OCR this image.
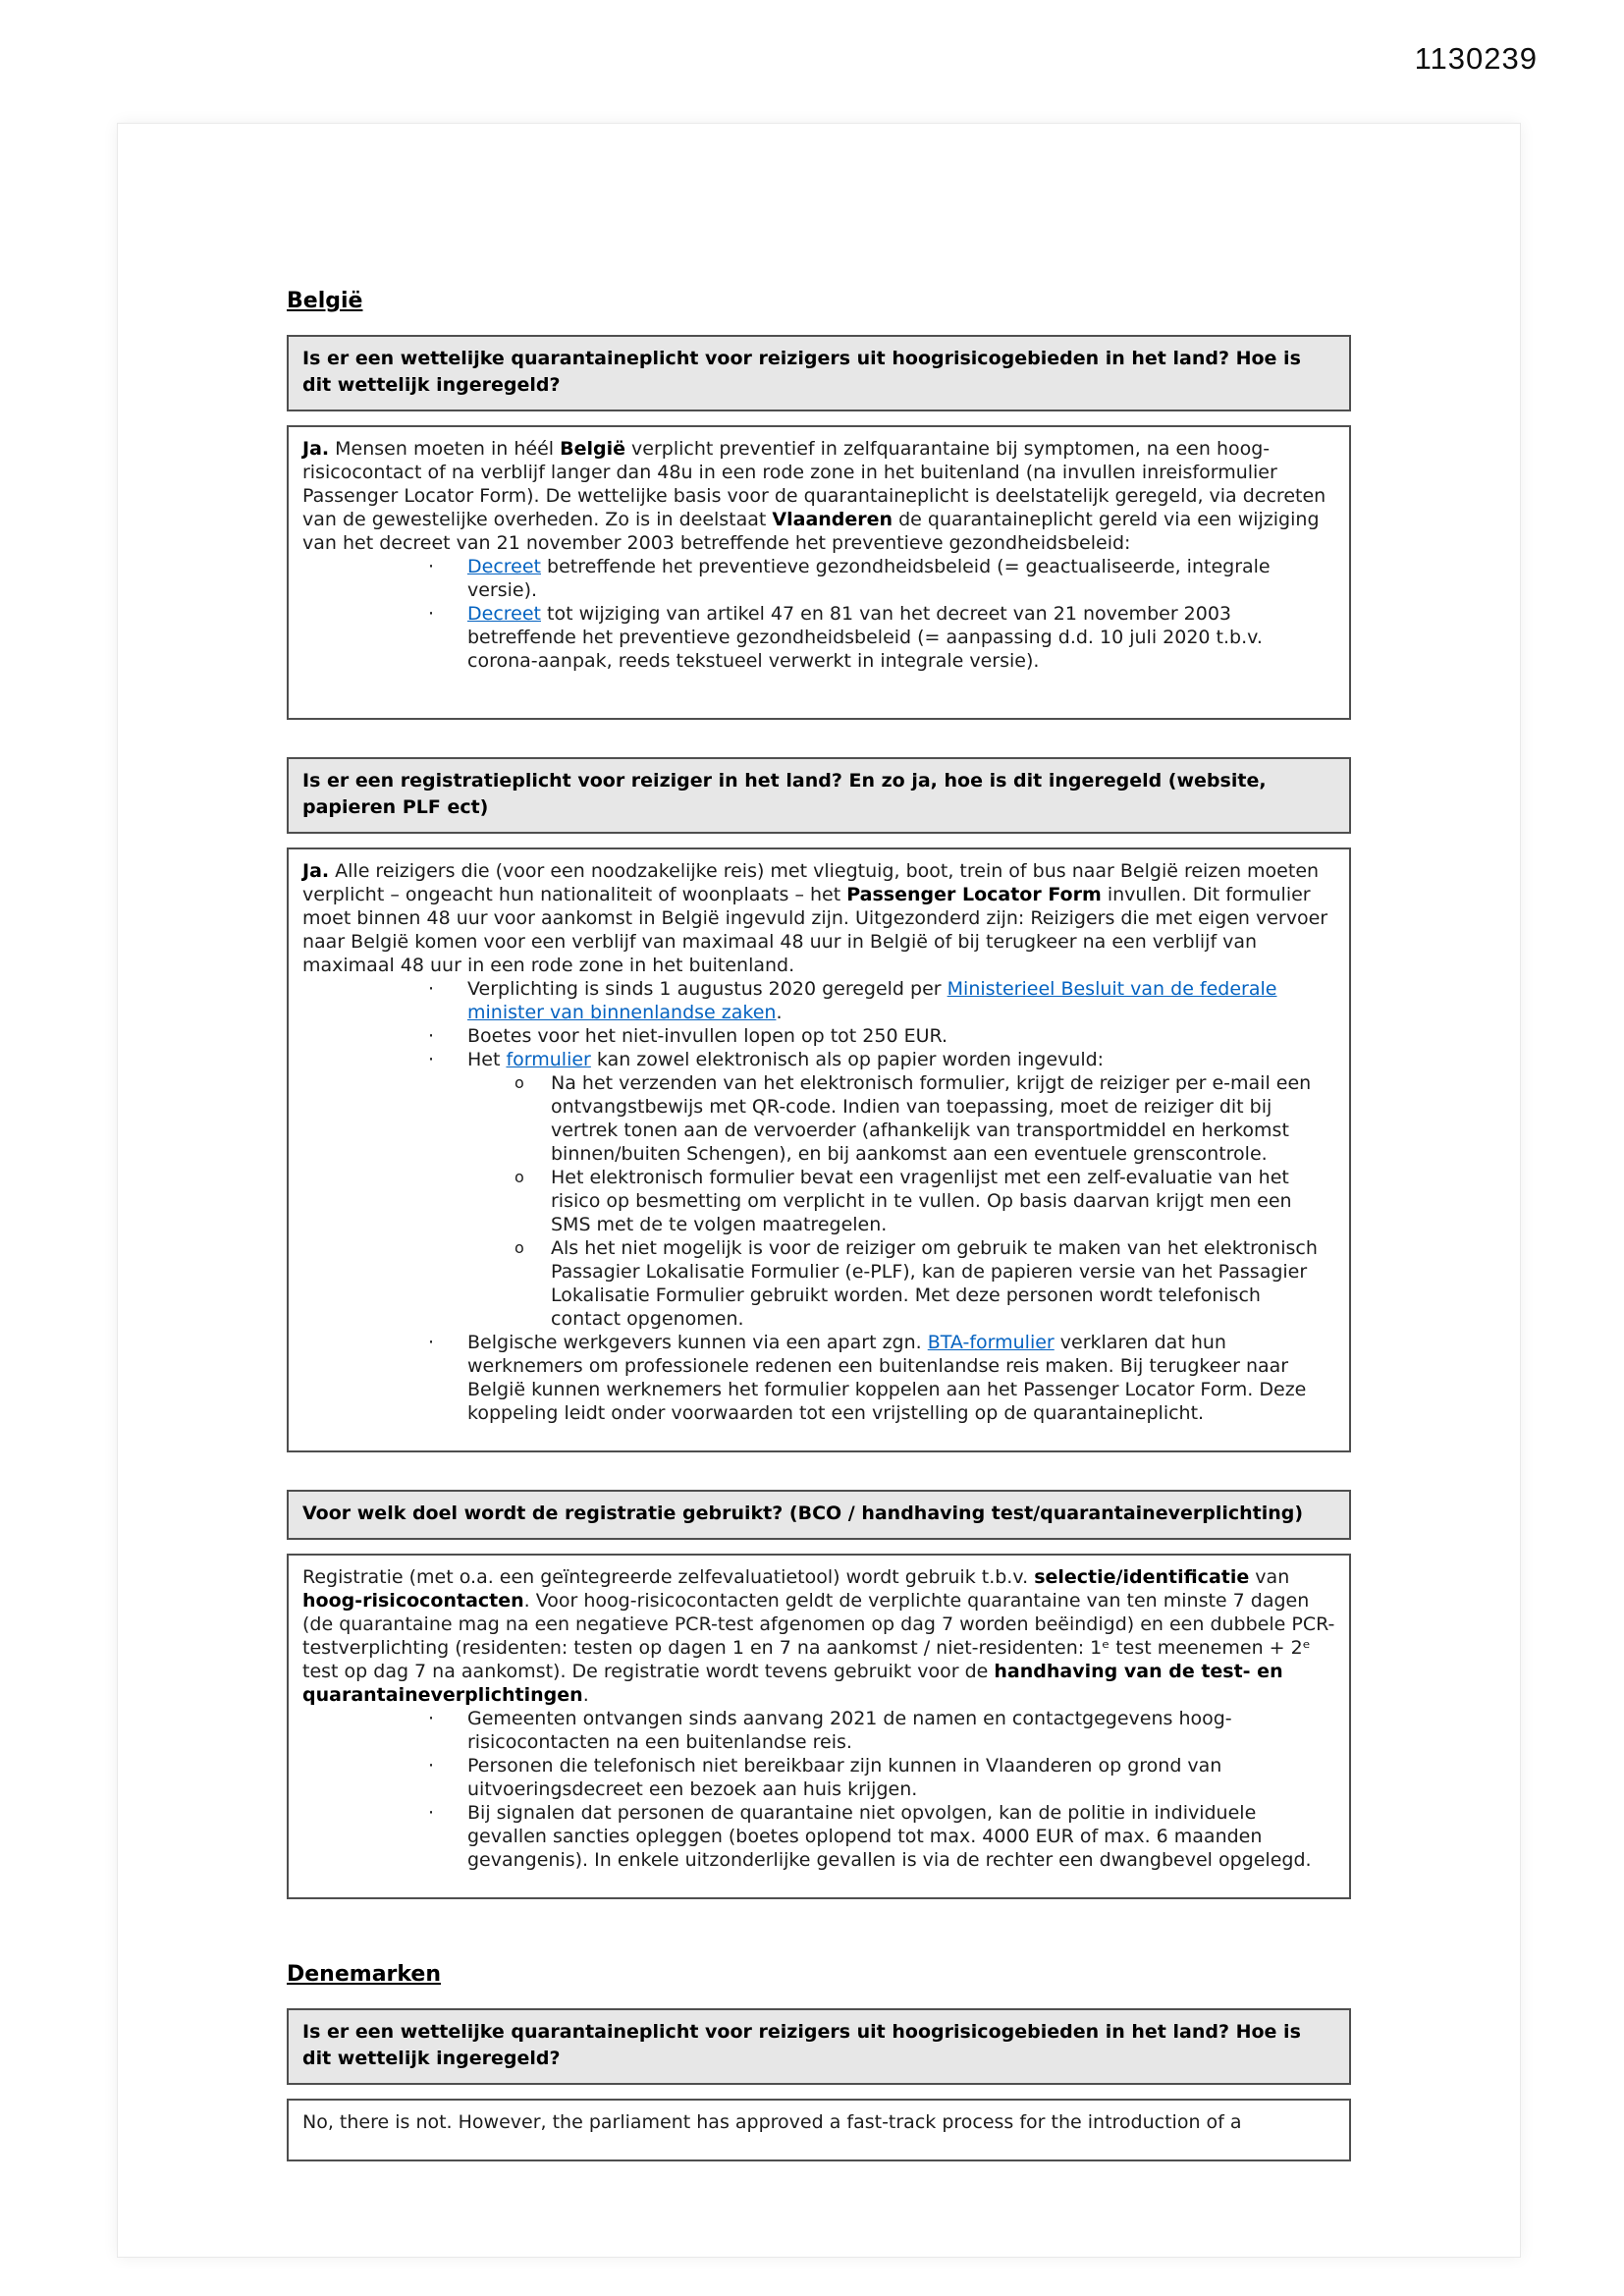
1130239
België
Is er een wettelijke quarantaineplicht voor reizigers uit hoogrisicogebieden in het land? Hoe is dit wettelijk ingeregeld?
Ja. Mensen moeten in héél België verplicht preventief in zelfquarantaine bij symptomen, na een hoog-risicocontact of na verblijf langer dan 48u in een rode zone in het buitenland (na invullen inreisformulier Passenger Locator Form). De wettelijke basis voor de quarantaineplicht is deelstatelijk geregeld, via decreten van de gewestelijke overheden. Zo is in deelstaat Vlaanderen de quarantaineplicht gereld via een wijziging van het decreet van 21 november 2003 betreffende het preventieve gezondheidsbeleid:
·	Decreet betreffende het preventieve gezondheidsbeleid (= geactualiseerde, integrale versie).
·	Decreet tot wijziging van artikel 47 en 81 van het decreet van 21 november 2003 betreffende het preventieve gezondheidsbeleid (= aanpassing d.d. 10 juli 2020 t.b.v. corona-aanpak, reeds tekstueel verwerkt in integrale versie).
Is er een registratieplicht voor reiziger in het land? En zo ja, hoe is dit ingeregeld (website, papieren PLF ect)
Ja. Alle reizigers die (voor een noodzakelijke reis) met vliegtuig, boot, trein of bus naar België reizen moeten verplicht – ongeacht hun nationaliteit of woonplaats – het Passenger Locator Form invullen. Dit formulier moet binnen 48 uur voor aankomst in België ingevuld zijn. Uitgezonderd zijn: Reizigers die met eigen vervoer naar België komen voor een verblijf van maximaal 48 uur in België of bij terugkeer na een verblijf van maximaal 48 uur in een rode zone in het buitenland.
·	Verplichting is sinds 1 augustus 2020 geregeld per Ministerieel Besluit van de federale minister van binnenlandse zaken.
·	Boetes voor het niet-invullen lopen op tot 250 EUR.
·	Het formulier kan zowel elektronisch als op papier worden ingevuld:
o	Na het verzenden van het elektronisch formulier, krijgt de reiziger per e-mail een ontvangstbewijs met QR-code. Indien van toepassing, moet de reiziger dit bij vertrek tonen aan de vervoerder (afhankelijk van transportmiddel en herkomst binnen/buiten Schengen), en bij aankomst aan een eventuele grenscontrole.
o	Het elektronisch formulier bevat een vragenlijst met een zelf-evaluatie van het risico op besmetting om verplicht in te vullen. Op basis daarvan krijgt men een SMS met de te volgen maatregelen.
o	Als het niet mogelijk is voor de reiziger om gebruik te maken van het elektronisch Passagier Lokalisatie Formulier (e-PLF), kan de papieren versie van het Passagier Lokalisatie Formulier gebruikt worden. Met deze personen wordt telefonisch contact opgenomen.
·	Belgische werkgevers kunnen via een apart zgn. BTA-formulier verklaren dat hun werknemers om professionele redenen een buitenlandse reis maken. Bij terugkeer naar België kunnen werknemers het formulier koppelen aan het Passenger Locator Form. Deze koppeling leidt onder voorwaarden tot een vrijstelling op de quarantaineplicht.
Voor welk doel wordt de registratie gebruikt? (BCO / handhaving test/quarantaineverplichting)
Registratie (met o.a. een geïntegreerde zelfevaluatietool) wordt gebruik t.b.v. selectie/identificatie van hoog-risicocontacten. Voor hoog-risicocontacten geldt de verplichte quarantaine van ten minste 7 dagen (de quarantaine mag na een negatieve PCR-test afgenomen op dag 7 worden beëindigd) en een dubbele PCR-testverplichting (residenten: testen op dagen 1 en 7 na aankomst / niet-residenten: 1ᵉ test meenemen + 2ᵉ test op dag 7 na aankomst). De registratie wordt tevens gebruikt voor de handhaving van de test- en quarantaineverplichtingen.
·	Gemeenten ontvangen sinds aanvang 2021 de namen en contactgegevens hoog-risicocontacten na een buitenlandse reis.
·	Personen die telefonisch niet bereikbaar zijn kunnen in Vlaanderen op grond van uitvoeringsdecreet een bezoek aan huis krijgen.
·	Bij signalen dat personen de quarantaine niet opvolgen, kan de politie in individuele gevallen sancties opleggen (boetes oplopend tot max. 4000 EUR of max. 6 maanden gevangenis). In enkele uitzonderlijke gevallen is via de rechter een dwangbevel opgelegd.
Denemarken
Is er een wettelijke quarantaineplicht voor reizigers uit hoogrisicogebieden in het land? Hoe is dit wettelijk ingeregeld?
No, there is not. However, the parliament has approved a fast-track process for the introduction of a
